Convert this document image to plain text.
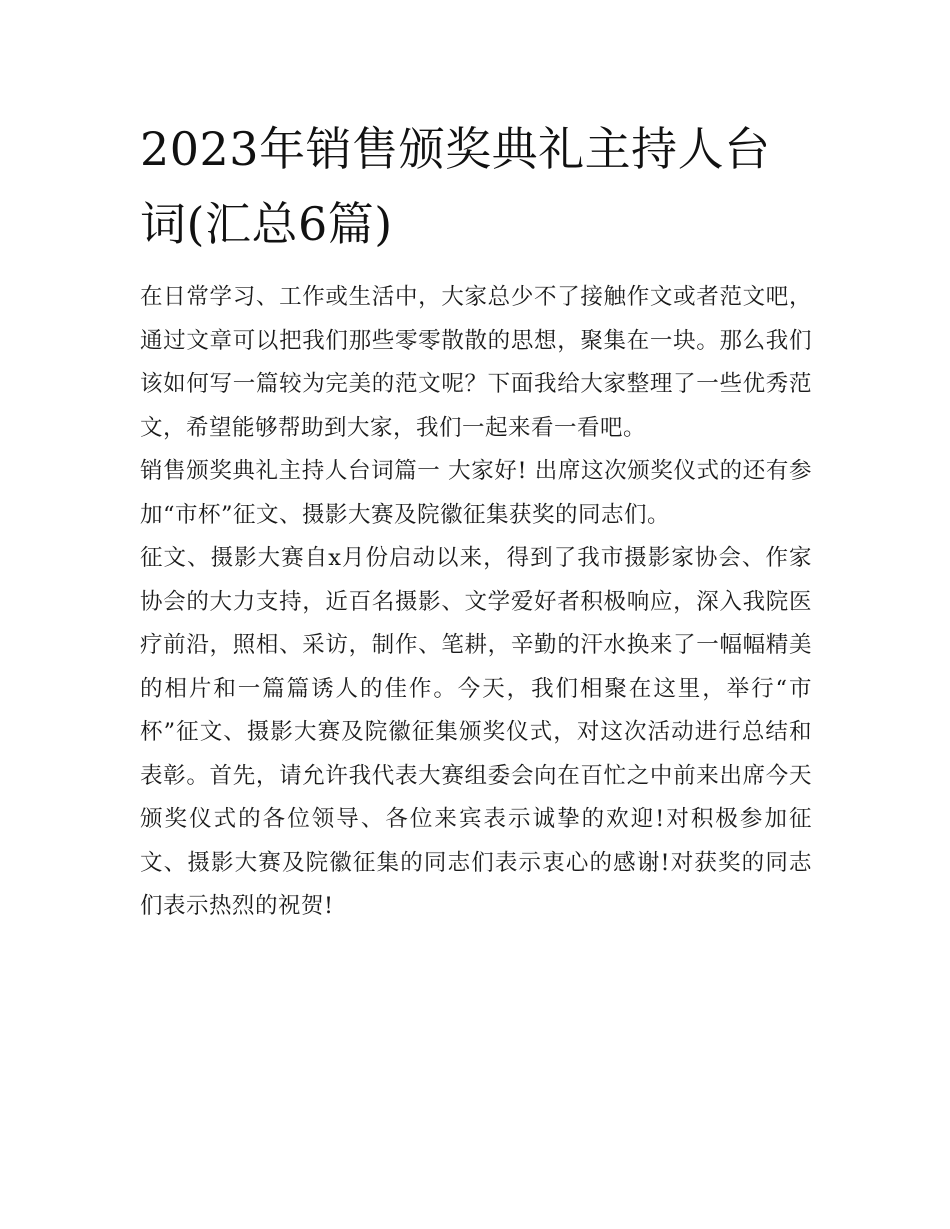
2023年销售颁奖典礼主持人台词(汇总6篇)

在日常学习、工作或生活中，大家总少不了接触作文或者范文吧，通过文章可以把我们那些零零散散的思想，聚集在一块。那么我们该如何写一篇较为完美的范文呢？下面我给大家整理了一些优秀范文，希望能够帮助到大家，我们一起来看一看吧。

销售颁奖典礼主持人台词篇一 大家好! 出席这次颁奖仪式的还有参加“市杯”征文、摄影大赛及院徽征集获奖的同志们。

征文、摄影大赛自x月份启动以来，得到了我市摄影家协会、作家协会的大力支持，近百名摄影、文学爱好者积极响应，深入我院医疗前沿，照相、采访，制作、笔耕，辛勤的汗水换来了一幅幅精美的相片和一篇篇诱人的佳作。今天，我们相聚在这里，举行“市杯”征文、摄影大赛及院徽征集颁奖仪式，对这次活动进行总结和表彰。首先，请允许我代表大赛组委会向在百忙之中前来出席今天颁奖仪式的各位领导、各位来宾表示诚挚的欢迎!对积极参加征文、摄影大赛及院徽征集的同志们表示衷心的感谢!对获奖的同志们表示热烈的祝贺!
